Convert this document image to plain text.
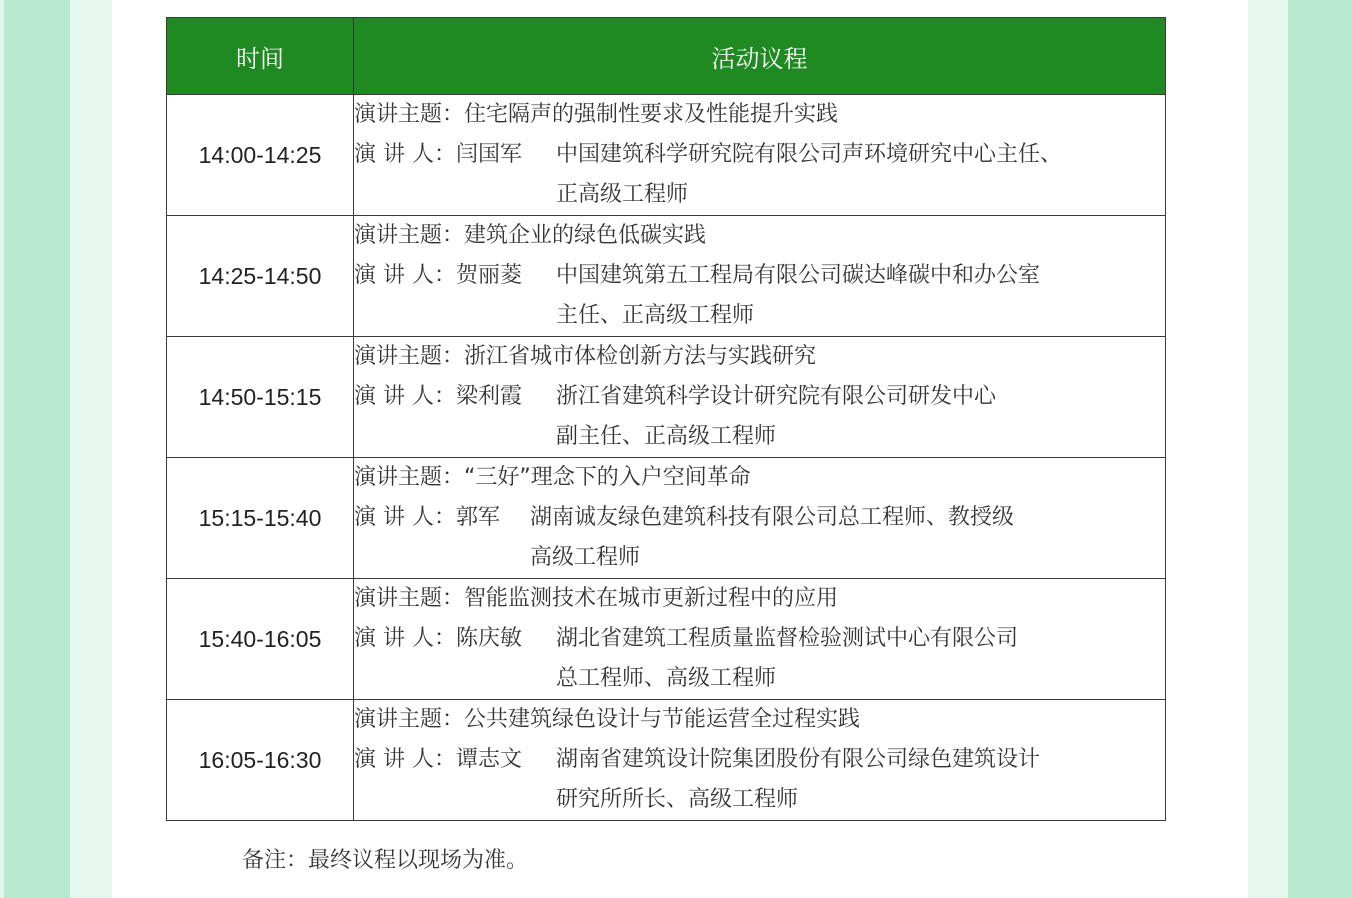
时间	活动议程
14:00-14:25	演讲主题：住宅隔声的强制性要求及性能提升实践
演 讲 人： 闫国军 中国建筑科学研究院有限公司声环境研究中心主任、
正高级工程师

14:25-14:50	演讲主题：建筑企业的绿色低碳实践
演 讲 人： 贺丽菱 中国建筑第五工程局有限公司碳达峰碳中和办公室
主任、正高级工程师

14:50-15:15	演讲主题：浙江省城市体检创新方法与实践研究
演 讲 人： 梁利霞 浙江省建筑科学设计研究院有限公司研发中心
副主任、正高级工程师

15:15-15:40	演讲主题：“三好”理念下的入户空间革命
演 讲 人： 郭军 湖南诚友绿色建筑科技有限公司总工程师、教授级
高级工程师

15:40-16:05	演讲主题：智能监测技术在城市更新过程中的应用
演 讲 人： 陈庆敏 湖北省建筑工程质量监督检验测试中心有限公司
总工程师、高级工程师

16:05-16:30	演讲主题：公共建筑绿色设计与节能运营全过程实践
演 讲 人： 谭志文 湖南省建筑设计院集团股份有限公司绿色建筑设计
研究所所长、高级工程师
备注：最终议程以现场为准。
